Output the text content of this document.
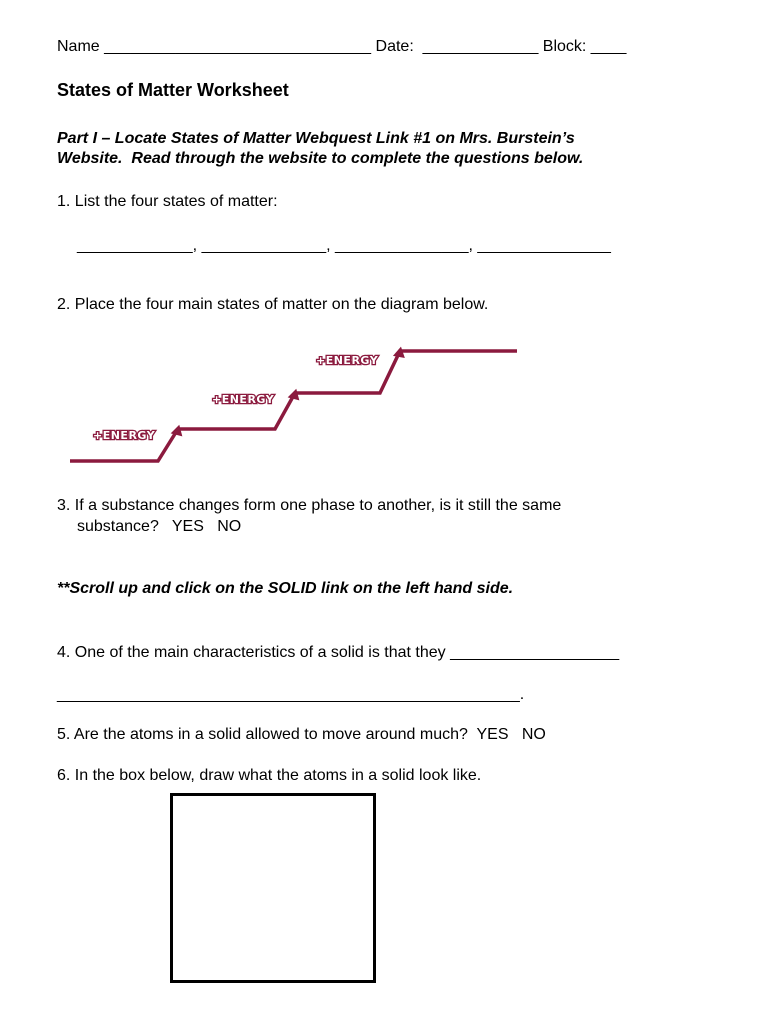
Name ______________________________ Date:  _____________ Block: ____
States of Matter Worksheet
Part I – Locate States of Matter Webquest Link #1 on Mrs. Burstein’s
Website.  Read through the website to complete the questions below.
1. List the four states of matter:
_____________, ______________, _______________, _______________
2. Place the four main states of matter on the diagram below.
+ENERGY
+ENERGY
+ENERGY
3. If a substance changes form one phase to another, is it still the same
substance?   YES   NO
**Scroll up and click on the SOLID link on the left hand side.
4. One of the main characteristics of a solid is that they ___________________
____________________________________________________.
5. Are the atoms in a solid allowed to move around much?  YES   NO
6. In the box below, draw what the atoms in a solid look like.
